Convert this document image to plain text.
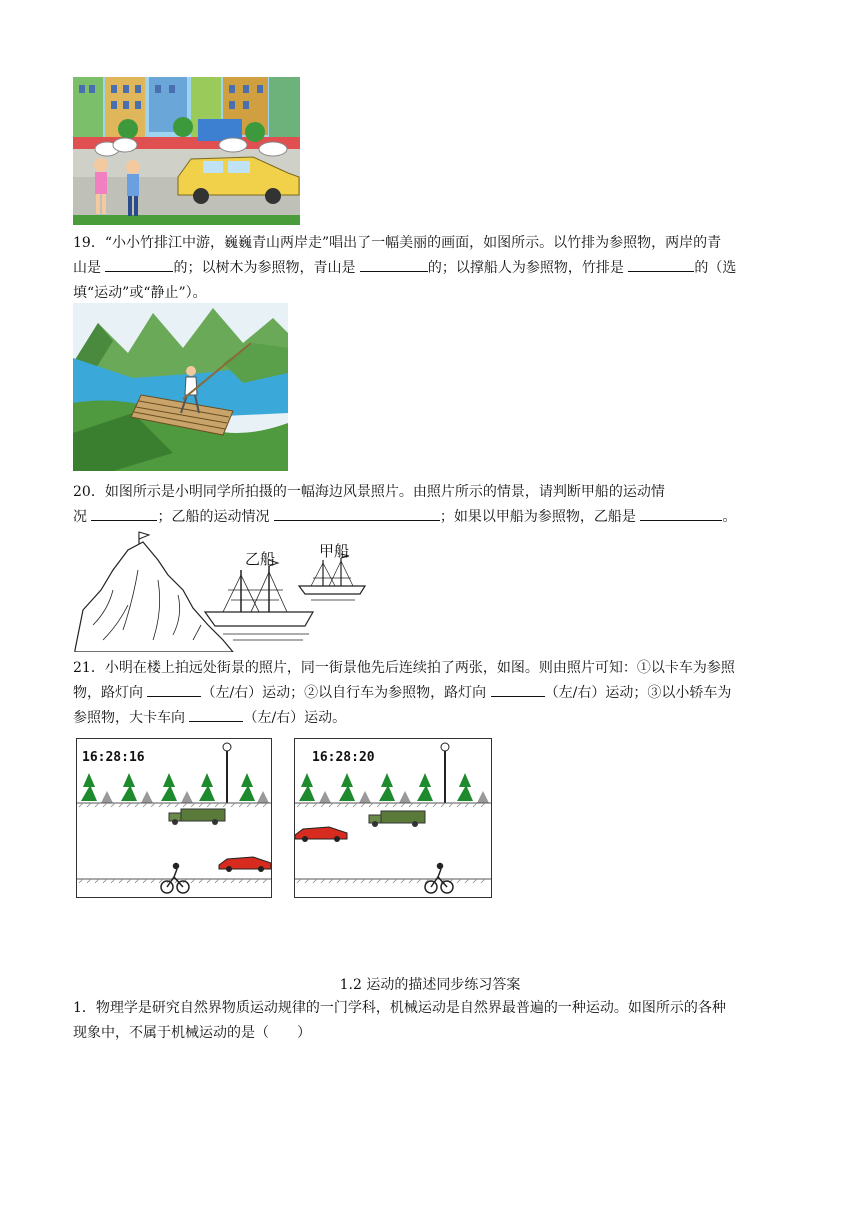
19．“小小竹排江中游，巍巍青山两岸走”唱出了一幅美丽的画面，如图所示。以竹排为参照物，两岸的青
山是	的；以树木为参照物，青山是	的；以撑船人为参照物，竹排是	的（选
填“运动”或“静止”）。
20．如图所示是小明同学所拍摄的一幅海边风景照片。由照片所示的情景，请判断甲船的运动情
况	；乙船的运动情况	；如果以甲船为参照物，乙船是	。
乙船	甲船
21．小明在楼上拍远处街景的照片，同一街景他先后连续拍了两张，如图。则由照片可知：①以卡车为参照
物，路灯向	（左/右）运动；②以自行车为参照物，路灯向	（左/右）运动；③以小轿车为
参照物，大卡车向	（左/右）运动。
16:28:16	16:28:20
1.2 运动的描述同步练习答案
1．物理学是研究自然界物质运动规律的一门学科，机械运动是自然界最普遍的一种运动。如图所示的各种
现象中，不属于机械运动的是（　　）
